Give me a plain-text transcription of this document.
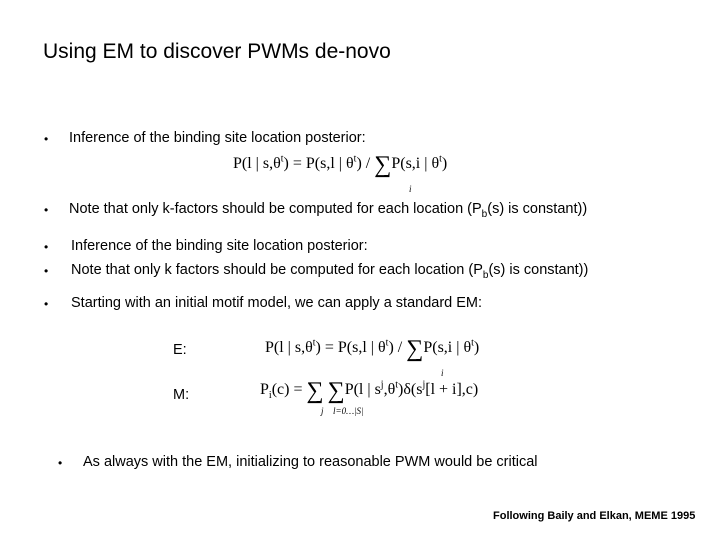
Using EM to discover PWMs de-novo
• Inference of the binding site location posterior:
P(l | $s,\theta^t) = P(s,l$ | $\theta^t) / \sum P(s,i$ | $\theta^t$)
i
• Note that only k-factors should be computed for each location ($P_b(s)$ is constant))
• Inference of the binding site location posterior:
• Note that only k factors should be computed for each location ($P_b(s)$ is constant))
• Starting with an initial motif model, we can apply a standard EM:
E:	P(l | $s,\theta^t) = P(s,l$ | $\theta^t) / \sum P(s,i$ | $\theta^t$)
i
M:	$P_i(c)$ = ∑ ∑P(l | $s^j,\theta^t)\delta(s^j[l + i],c)$
j l=0…|S|
• As always with the EM, initializing to reasonable PWM would be critical
Following Baily and Elkan, MEME 1995
